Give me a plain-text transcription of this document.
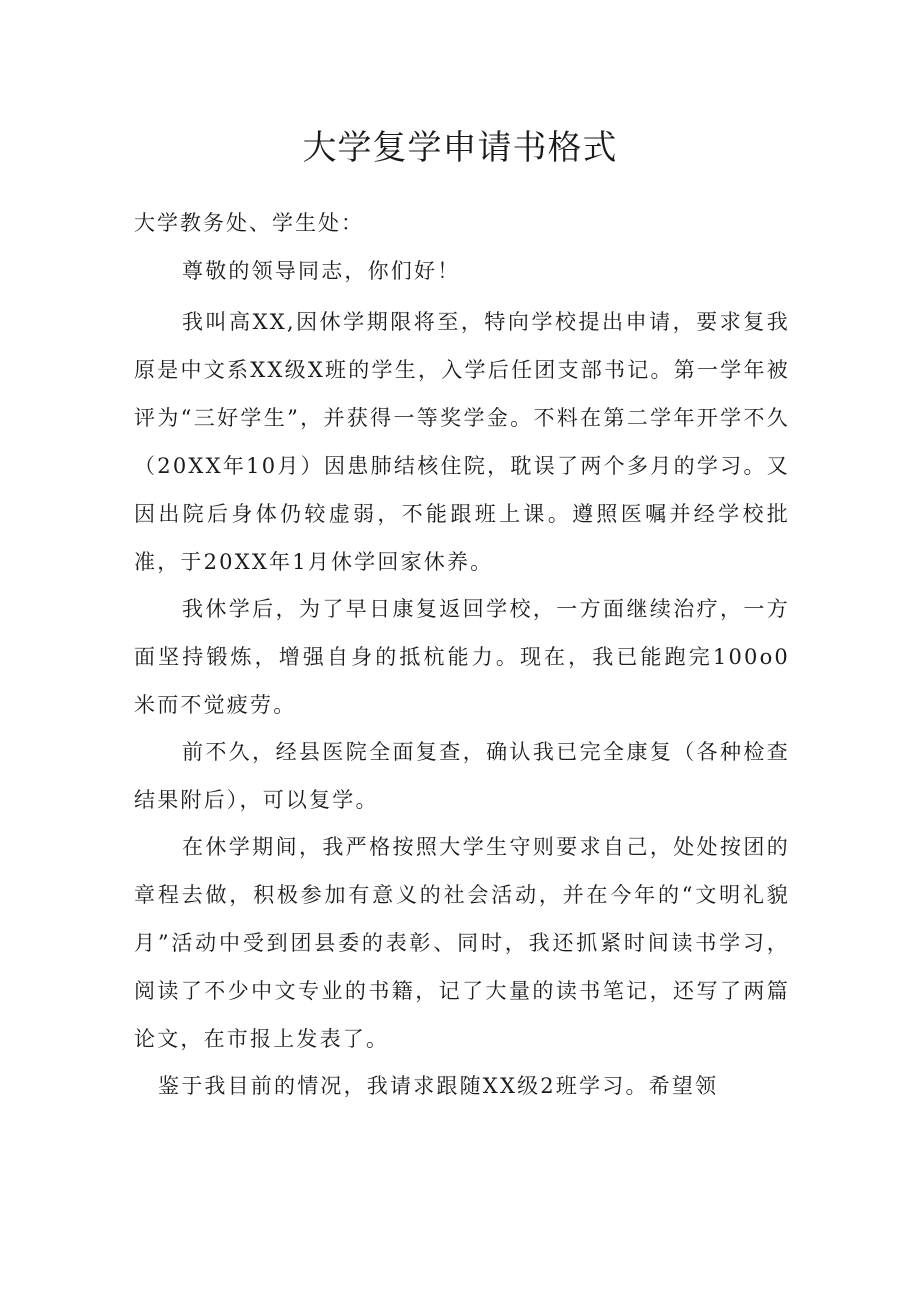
大学复学申请书格式
大学教务处、学生处：

尊敬的领导同志，你们好！

我叫高XX,因休学期限将至，特向学校提出申请，要求复我原是中文系XX级X班的学生，入学后任团支部书记。第一学年被评为“三好学生”，并获得一等奖学金。不料在第二学年开学不久（20XX年10月）因患肺结核住院，耽误了两个多月的学习。又因出院后身体仍较虚弱，不能跟班上课。遵照医嘱并经学校批准，于20XX年1月休学回家休养。

我休学后，为了早日康复返回学校，一方面继续治疗，一方面坚持锻炼，增强自身的抵杭能力。现在，我已能跑完100o0米而不觉疲劳。

前不久，经县医院全面复查，确认我已完全康复（各种检查结果附后），可以复学。

在休学期间，我严格按照大学生守则要求自己，处处按团的章程去做，积极参加有意义的社会活动，并在今年的“文明礼貌月”活动中受到团县委的表彰、同时，我还抓紧时间读书学习，阅读了不少中文专业的书籍，记了大量的读书笔记，还写了两篇论文，在市报上发表了。

鉴于我目前的情况，我请求跟随XX级2班学习。希望领
